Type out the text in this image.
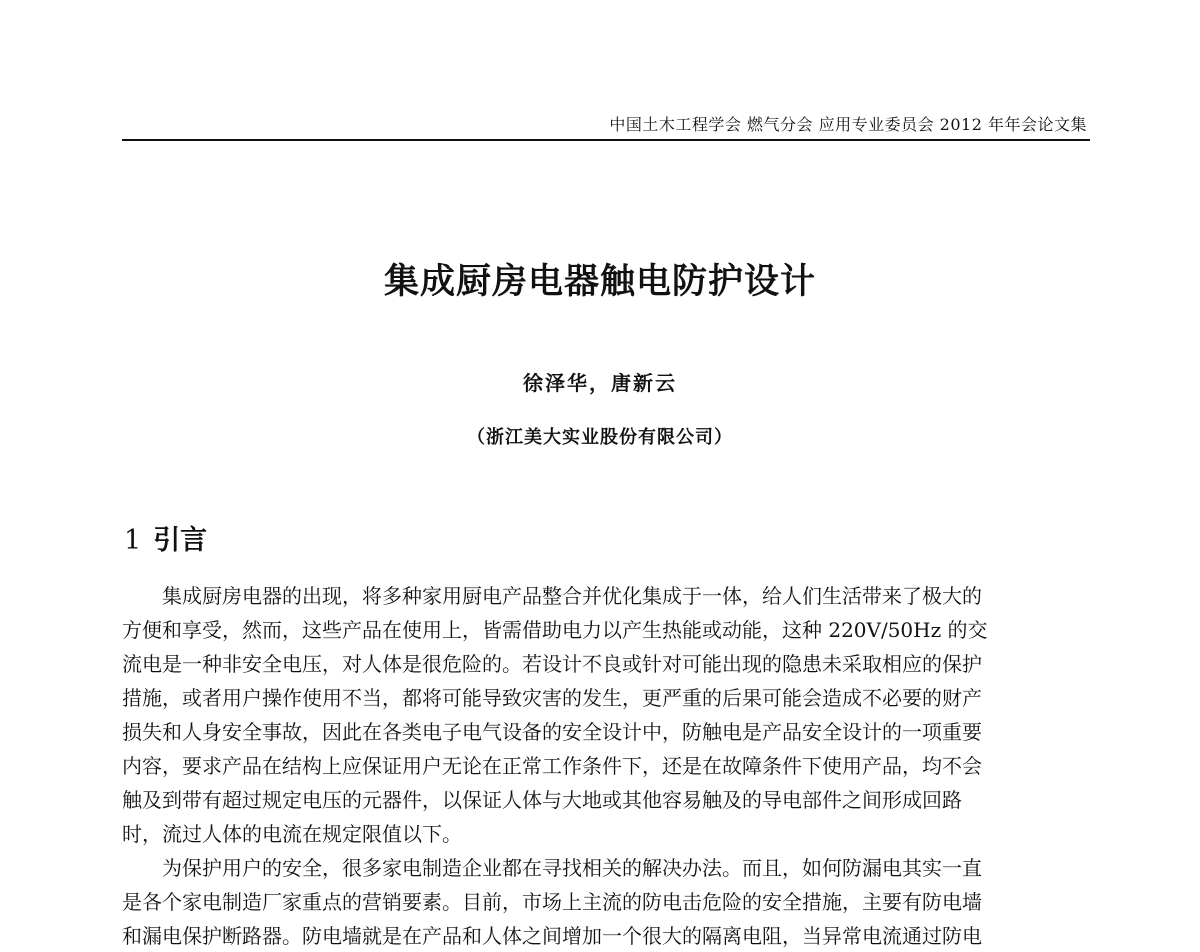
中国土木工程学会 燃气分会 应用专业委员会 2012 年年会论文集
集成厨房电器触电防护设计
徐泽华，唐新云
（浙江美大实业股份有限公司）
1 引言
集成厨房电器的出现，将多种家用厨电产品整合并优化集成于一体，给人们生活带来了极大的
方便和享受，然而，这些产品在使用上，皆需借助电力以产生热能或动能，这种 220V/50Hz 的交
流电是一种非安全电压，对人体是很危险的。若设计不良或针对可能出现的隐患未采取相应的保护
措施，或者用户操作使用不当，都将可能导致灾害的发生，更严重的后果可能会造成不必要的财产
损失和人身安全事故，因此在各类电子电气设备的安全设计中，防触电是产品安全设计的一项重要
内容，要求产品在结构上应保证用户无论在正常工作条件下，还是在故障条件下使用产品，均不会
触及到带有超过规定电压的元器件，以保证人体与大地或其他容易触及的导电部件之间形成回路
时，流过人体的电流在规定限值以下。
为保护用户的安全，很多家电制造企业都在寻找相关的解决办法。而且，如何防漏电其实一直
是各个家电制造厂家重点的营销要素。目前，市场上主流的防电击危险的安全措施，主要有防电墙
和漏电保护断路器。防电墙就是在产品和人体之间增加一个很大的隔离电阻，当异常电流通过防电
